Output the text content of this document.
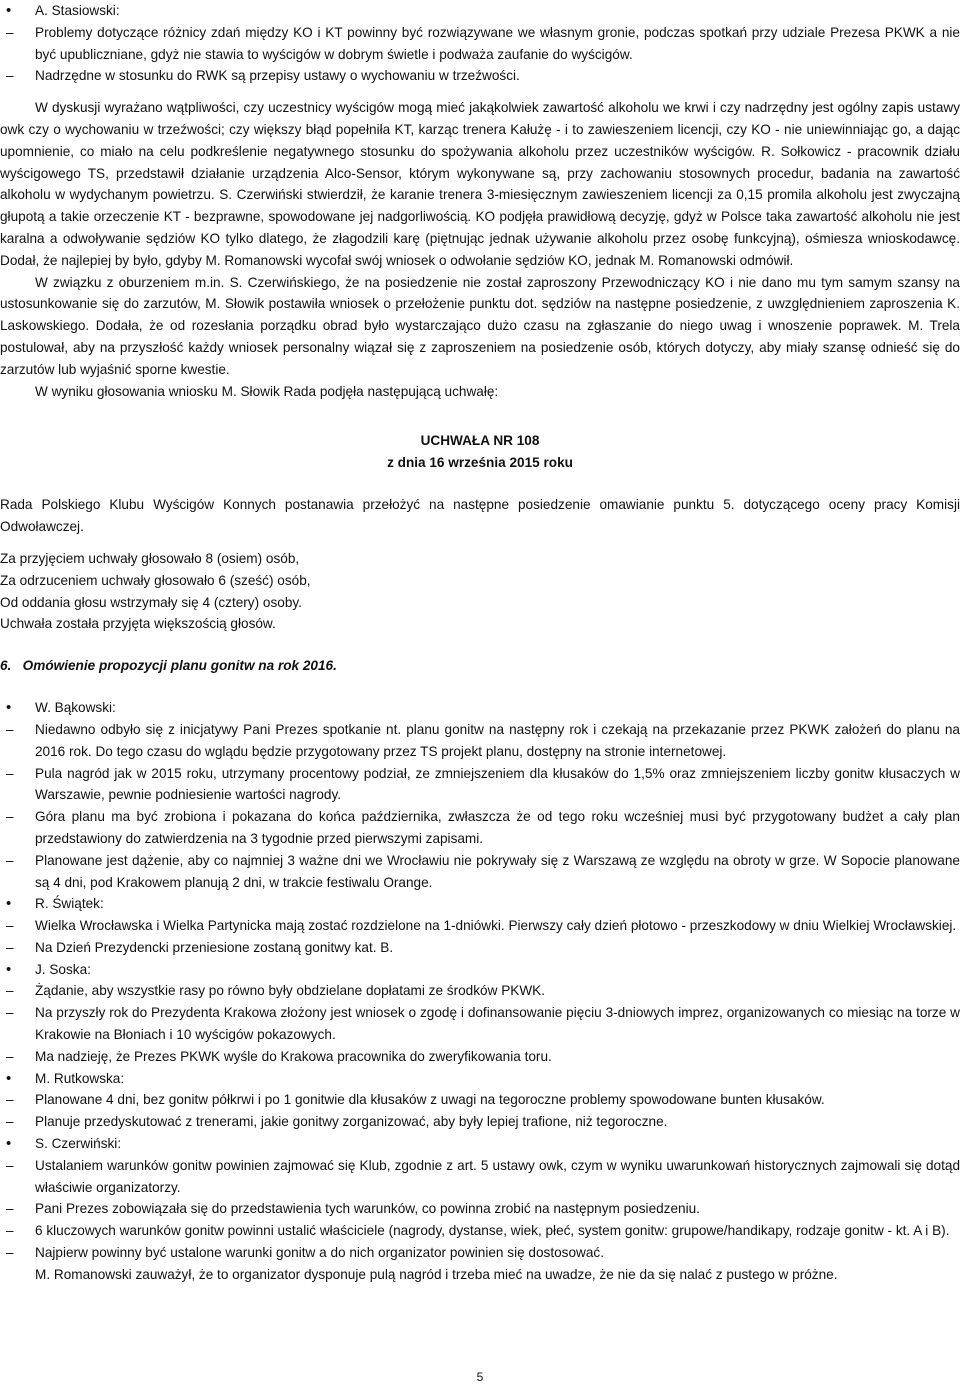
•
A. Stasiowski:
–
Problemy dotyczące różnicy zdań między KO i KT powinny być rozwiązywane we własnym gronie, podczas spotkań przy udziale Prezesa PKWK a nie być upubliczniane, gdyż nie stawia to wyścigów w dobrym świetle i podważa zaufanie do wyścigów.
–
Nadrzędne w stosunku do RWK są przepisy ustawy o wychowaniu w trzeźwości.

W dyskusji wyrażano wątpliwości, czy uczestnicy wyścigów mogą mieć jakąkolwiek zawartość alkoholu we krwi i czy nadrzędny jest ogólny zapis ustawy owk czy o wychowaniu w trzeźwości; czy większy błąd popełniła KT, karząc trenera Kałużę - i to zawieszeniem licencji, czy KO - nie uniewinniając go, a dając upomnienie, co miało na celu podkreślenie negatywnego stosunku do spożywania alkoholu przez uczestników wyścigów. R. Sołkowicz - pracownik działu wyścigowego TS, przedstawił działanie urządzenia Alco-Sensor, którym wykonywane są, przy zachowaniu stosownych procedur, badania na zawartość alkoholu w wydychanym powietrzu. S. Czerwiński stwierdził, że karanie trenera 3-miesięcznym zawieszeniem licencji za 0,15 promila alkoholu jest zwyczajną głupotą a takie orzeczenie KT - bezprawne, spowodowane jej nadgorliwością. KO podjęła prawidłową decyzję, gdyż w Polsce taka zawartość alkoholu nie jest karalna a odwoływanie sędziów KO tylko dlatego, że złagodzili karę (piętnując jednak używanie alkoholu przez osobę funkcyjną), ośmiesza wnioskodawcę. Dodał, że najlepiej by było, gdyby M. Romanowski wycofał swój wniosek o odwołanie sędziów KO, jednak M. Romanowski odmówił.

W związku z oburzeniem m.in. S. Czerwińskiego, że na posiedzenie nie został zaproszony Przewodniczący KO i nie dano mu tym samym szansy na ustosunkowanie się do zarzutów, M. Słowik postawiła wniosek o przełożenie punktu dot. sędziów na następne posiedzenie, z uwzględnieniem zaproszenia K. Laskowskiego. Dodała, że od rozesłania porządku obrad było wystarczająco dużo czasu na zgłaszanie do niego uwag i wnoszenie poprawek. M. Trela postulował, aby na przyszłość każdy wniosek personalny wiązał się z zaproszeniem na posiedzenie osób, których dotyczy, aby miały szansę odnieść się do zarzutów lub wyjaśnić sporne kwestie.

W wyniku głosowania wniosku M. Słowik Rada podjęła następującą uchwałę:

UCHWAŁA NR 108

z dnia 16 września 2015 roku

Rada Polskiego Klubu Wyścigów Konnych postanawia przełożyć na następne posiedzenie omawianie punktu 5. dotyczącego oceny pracy Komisji Odwoławczej.

Za przyjęciem uchwały głosowało 8 (osiem) osób,

Za odrzuceniem uchwały głosowało 6 (sześć) osób,

Od oddania głosu wstrzymały się 4 (cztery) osoby.

Uchwała została przyjęta większością głosów.

6.   Omówienie propozycji planu gonitw na rok 2016.

•
W. Bąkowski:
–
Niedawno odbyło się z inicjatywy Pani Prezes spotkanie nt. planu gonitw na następny rok i czekają na przekazanie przez PKWK założeń do planu na 2016 rok. Do tego czasu do wglądu będzie przygotowany przez TS projekt planu, dostępny na stronie internetowej.
–
Pula nagród jak w 2015 roku, utrzymany procentowy podział, ze zmniejszeniem dla kłusaków do 1,5% oraz zmniejszeniem liczby gonitw kłusaczych w Warszawie, pewnie podniesienie wartości nagrody.
–
Góra planu ma być zrobiona i pokazana do końca października, zwłaszcza że od tego roku wcześniej musi być przygotowany budżet a cały plan przedstawiony do zatwierdzenia na 3 tygodnie przed pierwszymi zapisami.
–
Planowane jest dążenie, aby co najmniej 3 ważne dni we Wrocławiu nie pokrywały się z Warszawą ze względu na obroty w grze. W Sopocie planowane są 4 dni, pod Krakowem planują 2 dni, w trakcie festiwalu Orange.
•
R. Świątek:
–
Wielka Wrocławska i Wielka Partynicka mają zostać rozdzielone na 1-dniówki. Pierwszy cały dzień płotowo - przeszkodowy w dniu Wielkiej Wrocławskiej.
–
Na Dzień Prezydencki przeniesione zostaną gonitwy kat. B.
•
J. Soska:
–
Żądanie, aby wszystkie rasy po równo były obdzielane dopłatami ze środków PKWK.
–
Na przyszły rok do Prezydenta Krakowa złożony jest wniosek o zgodę i dofinansowanie pięciu 3-dniowych imprez, organizowanych co miesiąc na torze w Krakowie na Błoniach i 10 wyścigów pokazowych.
–
Ma nadzieję, że Prezes PKWK wyśle do Krakowa pracownika do zweryfikowania toru.
•
M. Rutkowska:
–
Planowane 4 dni, bez gonitw półkrwi i po 1 gonitwie dla kłusaków z uwagi na tegoroczne problemy spowodowane bunten kłusaków.
–
Planuje przedyskutować z trenerami, jakie gonitwy zorganizować, aby były lepiej trafione, niż tegoroczne.
•
S. Czerwiński:
–
Ustalaniem warunków gonitw powinien zajmować się Klub, zgodnie z art. 5 ustawy owk, czym w wyniku uwarunkowań historycznych zajmowali się dotąd właściwie organizatorzy.
–
Pani Prezes zobowiązała się do przedstawienia tych warunków, co powinna zrobić na następnym posiedzeniu.
–
6 kluczowych warunków gonitw powinni ustalić właściciele (nagrody, dystanse, wiek, płeć, system gonitw: grupowe/handikapy, rodzaje gonitw - kt. A i B).
–
Najpierw powinny być ustalone warunki gonitw a do nich organizator powinien się dostosować.
M. Romanowski zauważył, że to organizator dysponuje pulą nagród i trzeba mieć na uwadze, że nie da się nalać z pustego w próżne.
5
